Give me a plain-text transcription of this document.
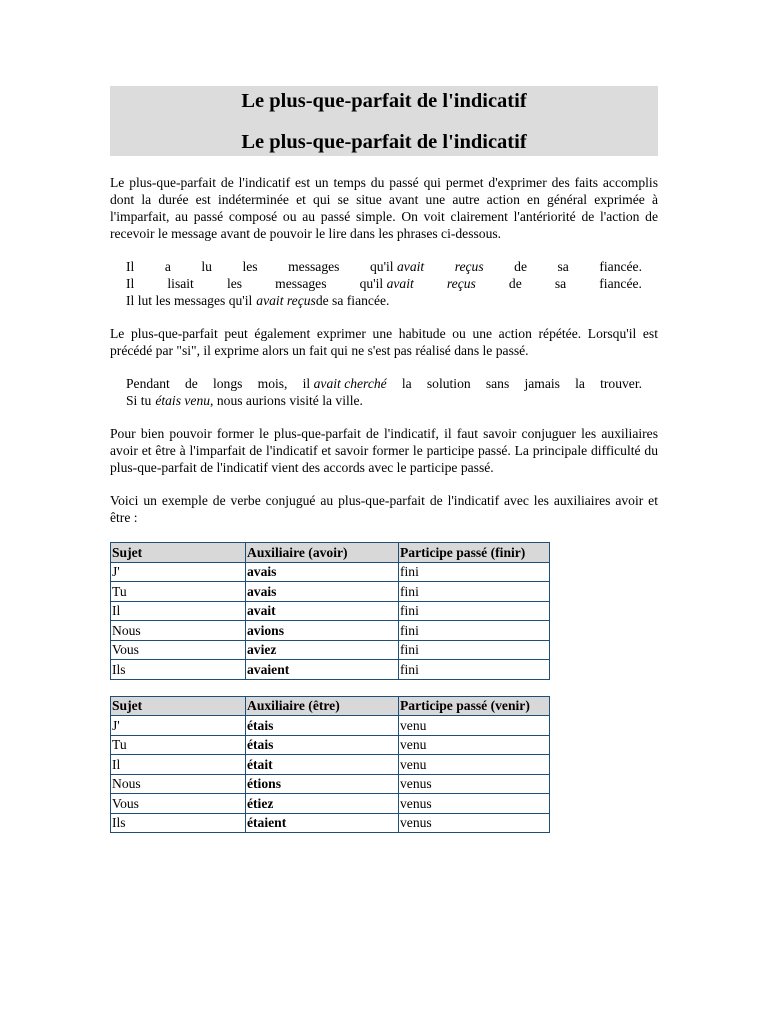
Le plus-que-parfait de l'indicatif
Le plus-que-parfait de l'indicatif

Le plus-que-parfait de l'indicatif est un temps du passé qui permet d'exprimer des faits accomplis dont la durée est indéterminée et qui se situe avant une autre action en général exprimée à l'imparfait, au passé composé ou au passé simple. On voit clairement l'antériorité de l'action de recevoir le message avant de pouvoir le lire dans les phrases ci-dessous.

Il a lu les messages qu'il avait reçus de sa fiancée.
Il lisait les messages qu'il avait reçus de sa fiancée.
Il lut les messages qu'il avait reçus de sa fiancée.

Le plus-que-parfait peut également exprimer une habitude ou une action répétée. Lorsqu'il est précédé par "si", il exprime alors un fait qui ne s'est pas réalisé dans le passé.

Pendant de longs mois, il avait cherché la solution sans jamais la trouver.
Si tu étais venu , nous aurions visité la ville.

Pour bien pouvoir former le plus-que-parfait de l'indicatif, il faut savoir conjuguer les auxiliaires avoir et être à l'imparfait de l'indicatif et savoir former le participe passé. La principale difficulté du plus-que-parfait de l'indicatif vient des accords avec le participe passé.

Voici un exemple de verbe conjugué au plus-que-parfait de l'indicatif avec les auxiliaires avoir et être :

Sujet	Auxiliaire (avoir)	Participe passé (finir)
J'	avais	fini
Tu	avais	fini
Il	avait	fini
Nous	avions	fini
Vous	aviez	fini
Ils	avaient	fini
Sujet	Auxiliaire (être)	Participe passé (venir)
J'	étais	venu
Tu	étais	venu
Il	était	venu
Nous	étions	venus
Vous	étiez	venus
Ils	étaient	venus
